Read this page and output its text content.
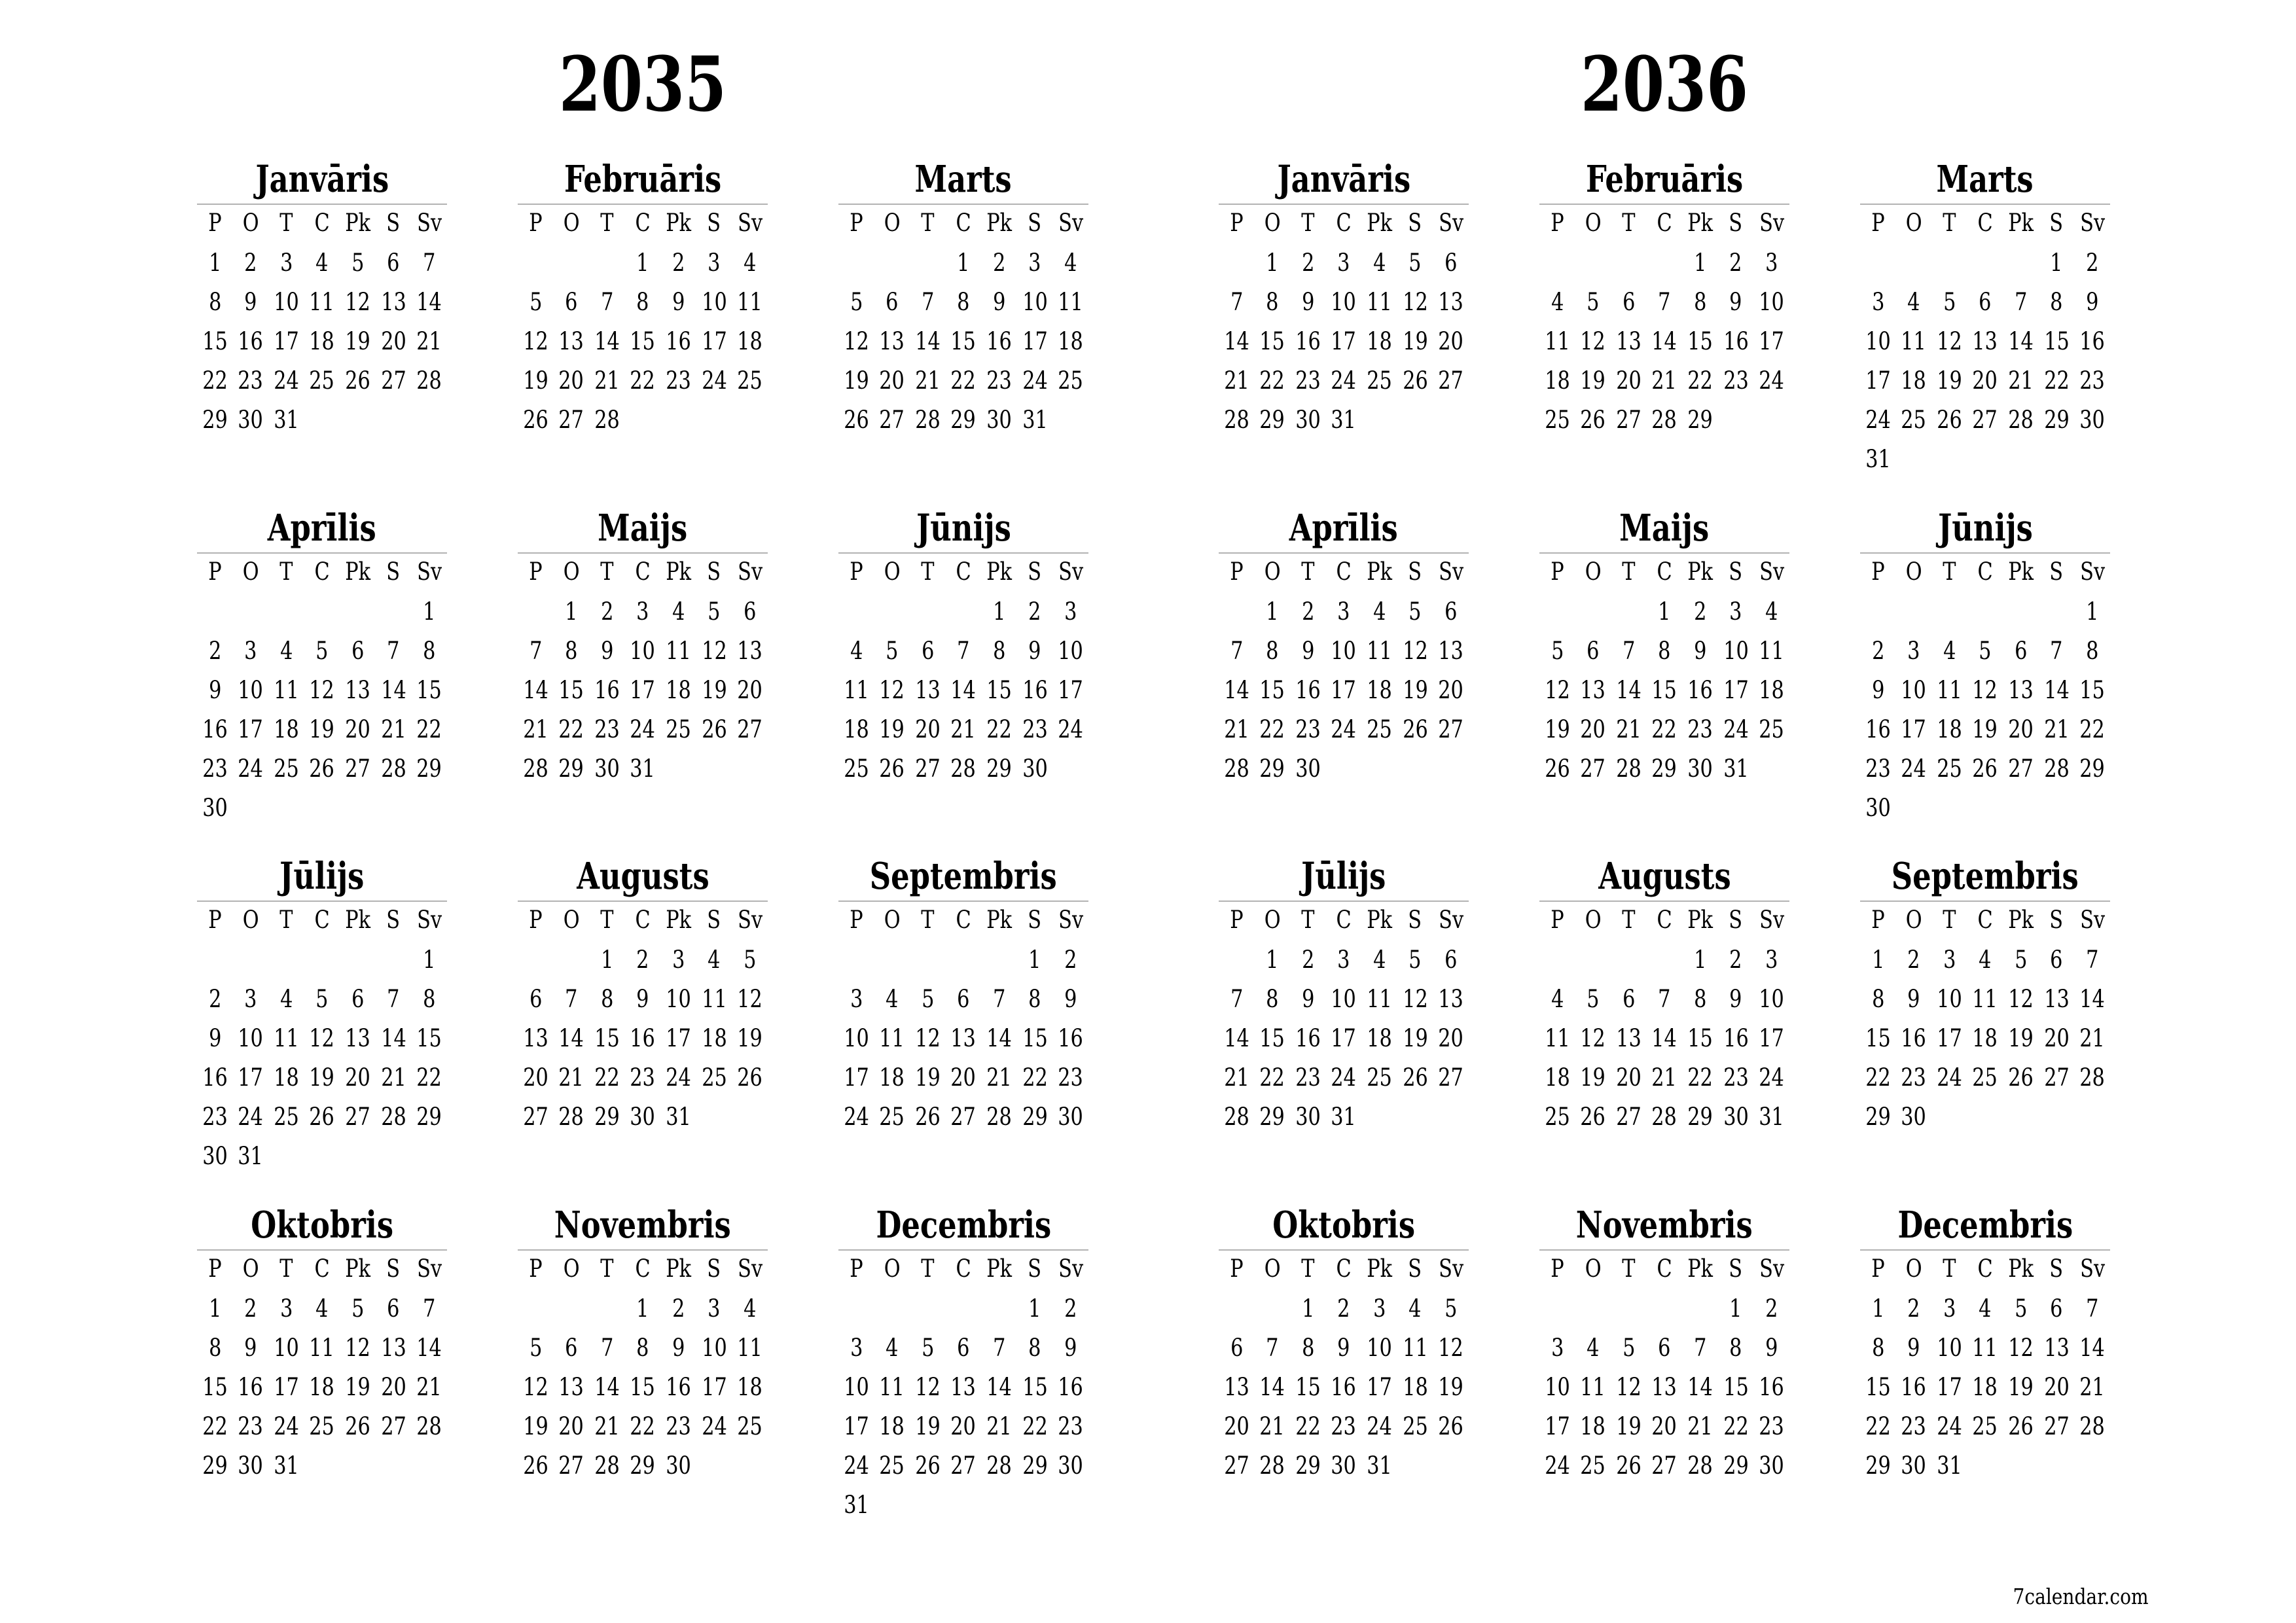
2035
Janvāris
P O T C Pk S Sv
1 2 3 4 5 6 7
8 9 10 11 12 13 14
15 16 17 18 19 20 21
22 23 24 25 26 27 28
29 30 31
Februāris
P O T C Pk S Sv
1 2 3 4
5 6 7 8 9 10 11
12 13 14 15 16 17 18
19 20 21 22 23 24 25
26 27 28
Marts
P O T C Pk S Sv
1 2 3 4
5 6 7 8 9 10 11
12 13 14 15 16 17 18
19 20 21 22 23 24 25
26 27 28 29 30 31
Aprīlis
P O T C Pk S Sv
1
2 3 4 5 6 7 8
9 10 11 12 13 14 15
16 17 18 19 20 21 22
23 24 25 26 27 28 29
30
Maijs
P O T C Pk S Sv
1 2 3 4 5 6
7 8 9 10 11 12 13
14 15 16 17 18 19 20
21 22 23 24 25 26 27
28 29 30 31
Jūnijs
P O T C Pk S Sv
1 2 3
4 5 6 7 8 9 10
11 12 13 14 15 16 17
18 19 20 21 22 23 24
25 26 27 28 29 30
Jūlijs
P O T C Pk S Sv
1
2 3 4 5 6 7 8
9 10 11 12 13 14 15
16 17 18 19 20 21 22
23 24 25 26 27 28 29
30 31
Augusts
P O T C Pk S Sv
1 2 3 4 5
6 7 8 9 10 11 12
13 14 15 16 17 18 19
20 21 22 23 24 25 26
27 28 29 30 31
Septembris
P O T C Pk S Sv
1 2
3 4 5 6 7 8 9
10 11 12 13 14 15 16
17 18 19 20 21 22 23
24 25 26 27 28 29 30
Oktobris
P O T C Pk S Sv
1 2 3 4 5 6 7
8 9 10 11 12 13 14
15 16 17 18 19 20 21
22 23 24 25 26 27 28
29 30 31
Novembris
P O T C Pk S Sv
1 2 3 4
5 6 7 8 9 10 11
12 13 14 15 16 17 18
19 20 21 22 23 24 25
26 27 28 29 30
Decembris
P O T C Pk S Sv
1 2
3 4 5 6 7 8 9
10 11 12 13 14 15 16
17 18 19 20 21 22 23
24 25 26 27 28 29 30
31
2036
Janvāris
P O T C Pk S Sv
1 2 3 4 5 6
7 8 9 10 11 12 13
14 15 16 17 18 19 20
21 22 23 24 25 26 27
28 29 30 31
Februāris
P O T C Pk S Sv
1 2 3
4 5 6 7 8 9 10
11 12 13 14 15 16 17
18 19 20 21 22 23 24
25 26 27 28 29
Marts
P O T C Pk S Sv
1 2
3 4 5 6 7 8 9
10 11 12 13 14 15 16
17 18 19 20 21 22 23
24 25 26 27 28 29 30
31
Aprīlis
P O T C Pk S Sv
1 2 3 4 5 6
7 8 9 10 11 12 13
14 15 16 17 18 19 20
21 22 23 24 25 26 27
28 29 30
Maijs
P O T C Pk S Sv
1 2 3 4
5 6 7 8 9 10 11
12 13 14 15 16 17 18
19 20 21 22 23 24 25
26 27 28 29 30 31
Jūnijs
P O T C Pk S Sv
1
2 3 4 5 6 7 8
9 10 11 12 13 14 15
16 17 18 19 20 21 22
23 24 25 26 27 28 29
30
Jūlijs
P O T C Pk S Sv
1 2 3 4 5 6
7 8 9 10 11 12 13
14 15 16 17 18 19 20
21 22 23 24 25 26 27
28 29 30 31
Augusts
P O T C Pk S Sv
1 2 3
4 5 6 7 8 9 10
11 12 13 14 15 16 17
18 19 20 21 22 23 24
25 26 27 28 29 30 31
Septembris
P O T C Pk S Sv
1 2 3 4 5 6 7
8 9 10 11 12 13 14
15 16 17 18 19 20 21
22 23 24 25 26 27 28
29 30
Oktobris
P O T C Pk S Sv
1 2 3 4 5
6 7 8 9 10 11 12
13 14 15 16 17 18 19
20 21 22 23 24 25 26
27 28 29 30 31
Novembris
P O T C Pk S Sv
1 2
3 4 5 6 7 8 9
10 11 12 13 14 15 16
17 18 19 20 21 22 23
24 25 26 27 28 29 30
Decembris
P O T C Pk S Sv
1 2 3 4 5 6 7
8 9 10 11 12 13 14
15 16 17 18 19 20 21
22 23 24 25 26 27 28
29 30 31
7calendar.com
